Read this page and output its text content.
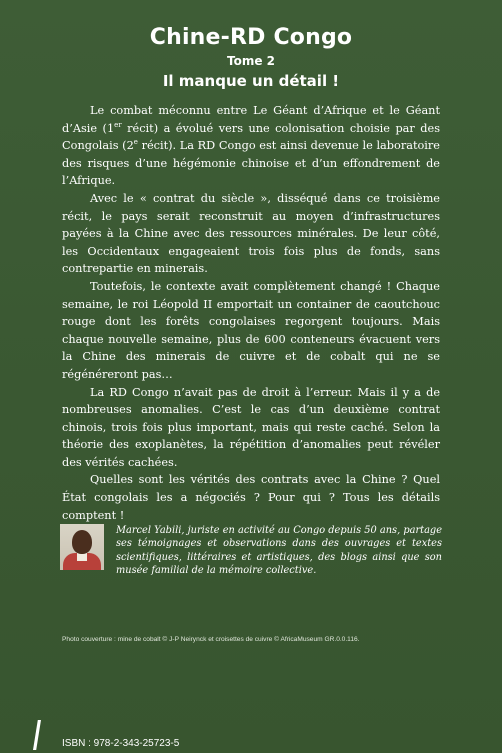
Chine-RD Congo
Tome 2
Il manque un détail !

Le combat méconnu entre Le Géant d’Afrique et le Géant d’Asie (1er récit) a évolué vers une colonisation choisie par des Congolais (2e récit). La RD Congo est ainsi devenue le laboratoire des risques d’une hégémonie chinoise et d’un effondrement de l’Afrique.

Avec le « contrat du siècle », disséqué dans ce troisième récit, le pays serait reconstruit au moyen d’infrastructures payées à la Chine avec des ressources minérales. De leur côté, les Occidentaux engageaient trois fois plus de fonds, sans contrepartie en minerais.

Toutefois, le contexte avait complètement changé ! Chaque semaine, le roi Léopold II emportait un container de caoutchouc rouge dont les forêts congolaises regorgent toujours. Mais chaque nouvelle semaine, plus de 600 conteneurs évacuent vers la Chine des minerais de cuivre et de cobalt qui ne se régénéreront pas…

La RD Congo n’avait pas de droit à l’erreur. Mais il y a de nombreuses anomalies. C’est le cas d’un deuxième contrat chinois, trois fois plus important, mais qui reste caché. Selon la théorie des exoplanètes, la répétition d’anomalies peut révéler des vérités cachées.

Quelles sont les vérités des contrats avec la Chine ? Quel État congolais les a négociés ? Pour qui ? Tous les détails comptent !

Marcel Yabili, juriste en activité au Congo depuis 50 ans, partage ses témoignages et observations dans des ouvrages et textes scientifiques, littéraires et artistiques, des blogs ainsi que son musée familial de la mémoire collective.
Photo couverture : mine de cobalt © J-P Neirynck et croisettes de cuivre © AfricaMuseum GR.0.0.116.
ISBN : 978-2-343-25723-5
